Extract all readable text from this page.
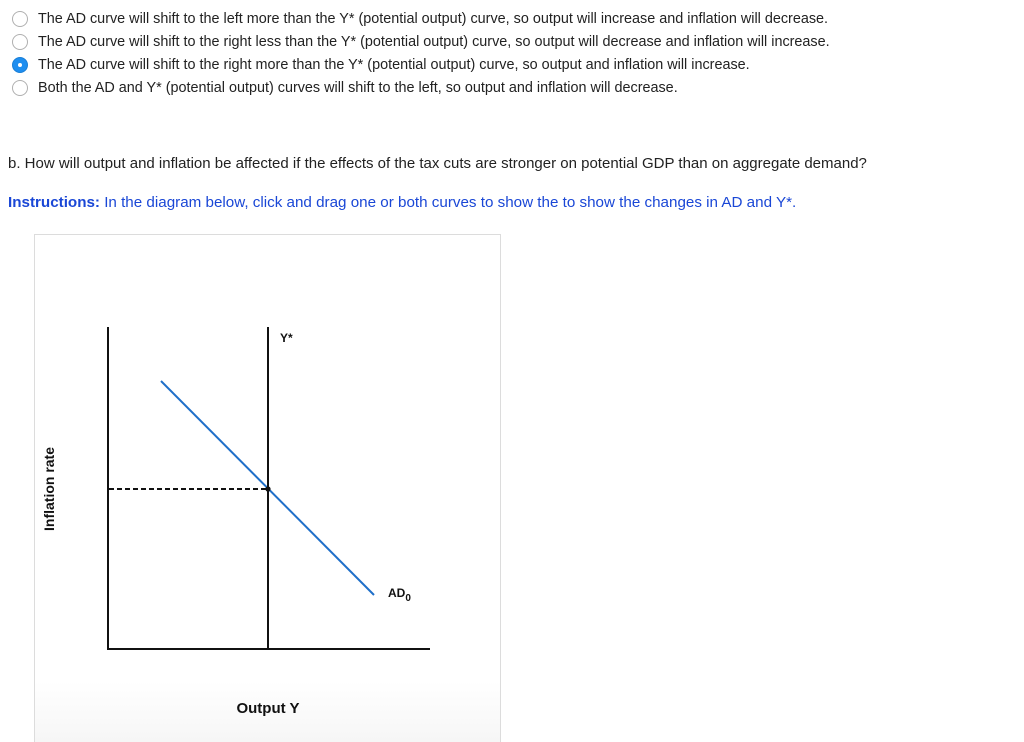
The AD curve will shift to the left more than the Y* (potential output) curve, so output will increase and inflation will decrease.
The AD curve will shift to the right less than the Y* (potential output) curve, so output will decrease and inflation will increase.
The AD curve will shift to the right more than the Y* (potential output) curve, so output and inflation will increase.
Both the AD and Y* (potential output) curves will shift to the left, so output and inflation will decrease.
b. How will output and inflation be affected if the effects of the tax cuts are stronger on potential GDP than on aggregate demand?
Instructions: In the diagram below, click and drag one or both curves to show the to show the changes in AD and Y*.
Y*
$AD_0$
Inflation rate
Output Y
